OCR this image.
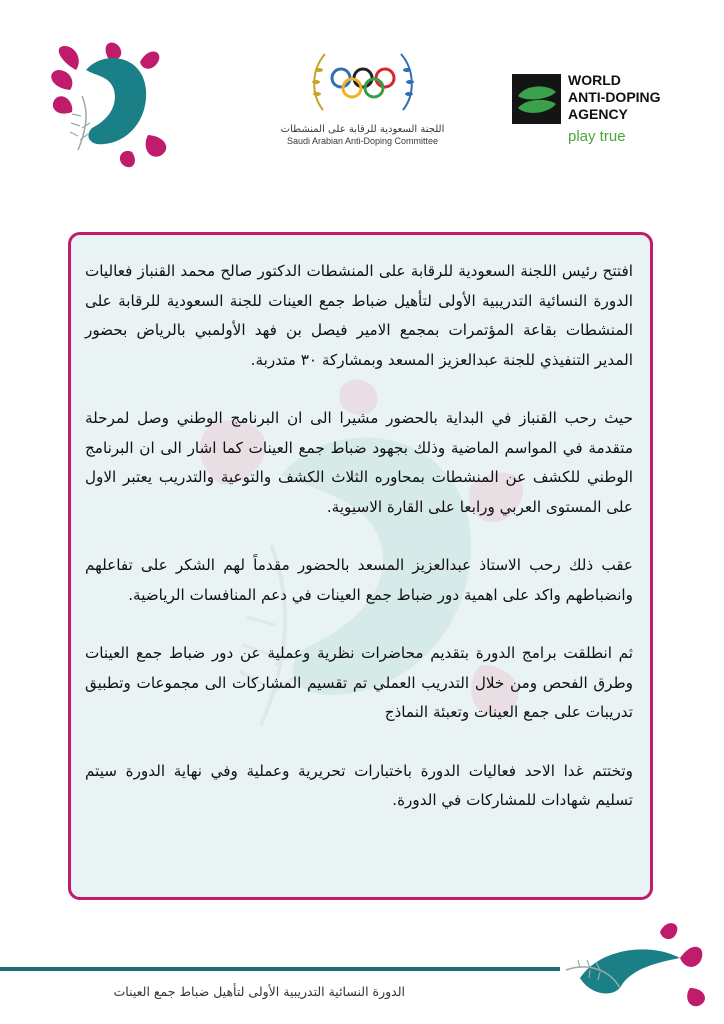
اللجنة السعودية للرقابة على المنشطات
Saudi Arabian Anti-Doping Committee
WORLD
ANTI-DOPING
AGENCY
play true

افتتح رئيس اللجنة السعودية للرقابة على المنشطات الدكتور صالح محمد القنباز فعاليات الدورة النسائية التدريبية الأولى لتأهيل ضباط جمع العينات للجنة السعودية للرقابة على المنشطات بقاعة المؤتمرات بمجمع الامير فيصل بن فهد الأولمبي بالرياض بحضور المدير التنفيذي للجنة عبدالعزيز المسعد وبمشاركة ٣٠ متدربة.

حيث رحب القنباز في البداية بالحضور مشيرا الى ان البرنامج الوطني وصل لمرحلة متقدمة في المواسم الماضية وذلك بجهود ضباط جمع العينات كما اشار الى ان البرنامج الوطني للكشف عن المنشطات بمحاوره الثلاث الكشف والتوعية والتدريب يعتبر الاول على المستوى العربي ورابعا على القارة الاسيوية.

عقب ذلك رحب الاستاذ عبدالعزيز المسعد بالحضور مقدماً لهم الشكر على تفاعلهم وانضباطهم واكد على اهمية دور ضباط جمع العينات في دعم المنافسات الرياضية.

ثم انطلقت برامج الدورة بتقديم محاضرات نظرية وعملية عن دور ضباط جمع العينات وطرق الفحص ومن خلال التدريب العملي تم تقسيم المشاركات الى مجموعات وتطبيق تدريبات على جمع العينات وتعبئة النماذج

وتختتم غدا الاحد فعاليات الدورة باختبارات تحريرية وعملية وفي نهاية الدورة سيتم تسليم شهادات للمشاركات في الدورة.

الدورة النسائية التدريبية الأولى لتأهيل ضباط جمع العينات
